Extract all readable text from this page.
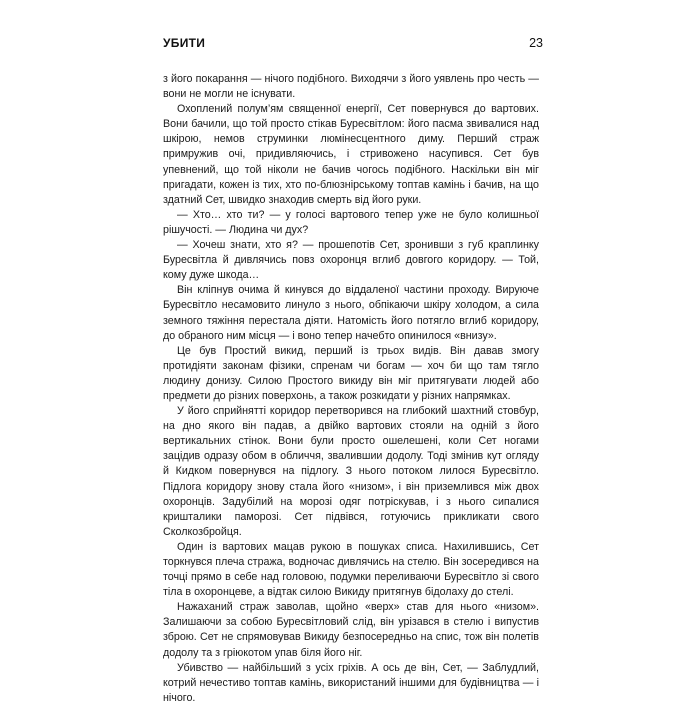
УБИТИ	23

з його покарання — нічого подібного. Виходячи з його уявлень про честь — вони не могли не існувати.

Охоплений полум’ям священної енергії, Сет повернувся до вартових. Вони бачили, що той просто стікав Буресвітлом: його пасма звивалися над шкірою, немов струминки люмінесцентного диму. Перший страж примружив очі, придивляючись, і стривожено насупився. Сет був упевнений, що той ніколи не бачив чогось подібного. Наскільки він міг пригадати, кожен із тих, хто по-блюзнірському топтав камінь і бачив, на що здатний Сет, швидко знаходив смерть від його руки.

— Хто… хто ти? — у голосі вартового тепер уже не було колишньої рішучості. — Людина чи дух?

— Хочеш знати, хто я? — прошепотів Сет, зронивши з губ краплинку Буресвітла й дивлячись повз охоронця вглиб довгого коридору. — Той, кому дуже шкода…

Він кліпнув очима й кинувся до віддаленої частини проходу. Вируюче Буресвітло несамовито линуло з нього, обпікаючи шкіру холодом, а сила земного тяжіння перестала діяти. Натомість його потягло вглиб коридору, до обраного ним місця — і воно тепер начебто опинилося «внизу».

Це був Простий викид, перший із трьох видів. Він давав змогу протидіяти законам фізики, спренам чи богам — хоч би що там тягло людину донизу. Силою Простого викиду він міг притягувати людей або предмети до різних поверхонь, а також розкидати у різних напрямках.

У його сприйнятті коридор перетворився на глибокий шахтний стовбур, на дно якого він падав, а двійко вартових стояли на одній з його вертикальних стінок. Вони були просто ошелешені, коли Сет ногами зацідив одразу обом в обличчя, звалившии додолу. Тоді змінив кут огляду й Кидком повернувся на підлогу. З нього потоком лилося Буресвітло. Підлога коридору знову стала його «низом», і він приземлився між двох охоронців. Задубілий на морозі одяг потріскував, і з нього сипалися кришталики паморозі. Сет підвівся, готуючись прикликати свого Сколкозбройця.

Один із вартових мацав рукою в пошуках списа. Нахилившись, Сет торкнувся плеча стража, водночас дивлячись на стелю. Він зосередився на точці прямо в себе над головою, подумки переливаючи Буресвітло зі свого тіла в охоронцеве, а відтак силою Викиду притягнув бідолаху до стелі.

Нажаханий страж заволав, щойно «верх» став для нього «низом». Залишаючи за собою Буресвітловий слід, він урізався в стелю і випустив зброю. Сет не спрямовував Викиду безпосередньо на спис, тож він полетів додолу та з гріюкотом упав біля його ніг.

Убивство — найбільший з усіх гріхів. А ось де він, Сет, — Заблудлий, котрий нечестиво топтав камінь, використаний іншими для будівництва — і нічого.
